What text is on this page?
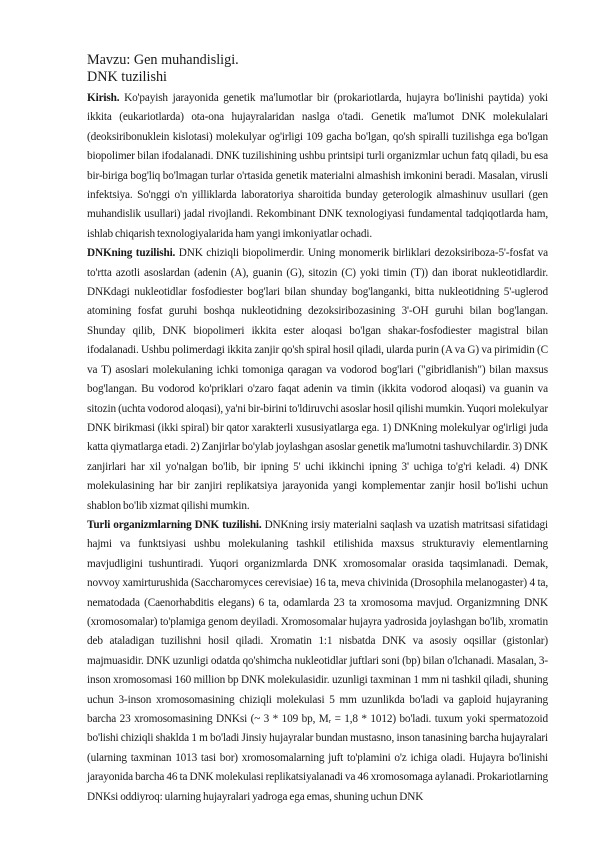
Mavzu: Gen muhandisligi.

DNK tuzilishi

Kirish. Ko'payish jarayonida genetik ma'lumotlar bir (prokariotlarda, hujayra bo'linishi paytida) yoki ikkita (eukariotlarda) ota-ona hujayralaridan naslga o'tadi. Genetik ma'lumot DNK molekulalari (deoksiribonuklein kislotasi) molekulyar og'irligi 109 gacha bo'lgan, qo'sh spiralli tuzilishga ega bo'lgan biopolimer bilan ifodalanadi. DNK tuzilishining ushbu printsipi turli organizmlar uchun fatq qiladi, bu esa bir-biriga bog'liq bo'lmagan turlar o'rtasida genetik materialni almashish imkonini beradi. Masalan, virusli infektsiya. So'nggi o'n yilliklarda laboratoriya sharoitida bunday geterologik almashinuv usullari (gen muhandislik usullari) jadal rivojlandi. Rekombinant DNK texnologiyasi fundamental tadqiqotlarda ham, ishlab chiqarish texnologiyalarida ham yangi imkoniyatlar ochadi.

DNKning tuzilishi. DNK chiziqli biopolimerdir. Uning monomerik birliklari dezoksiriboza-5'-fosfat va to'rtta azotli asoslardan (adenin (A), guanin (G), sitozin (C) yoki timin (T)) dan iborat nukleotidlardir. DNKdagi nukleotidlar fosfodiester bog'lari bilan shunday bog'langanki, bitta nukleotidning 5'-uglerod atomining fosfat guruhi boshqa nukleotidning dezoksiribozasining 3'-OH guruhi bilan bog'langan. Shunday qilib, DNK biopolimeri ikkita ester aloqasi bo'lgan shakar-fosfodiester magistral bilan ifodalanadi. Ushbu polimerdagi ikkita zanjir qo'sh spiral hosil qiladi, ularda purin (A va G) va pirimidin (C va T) asoslari molekulaning ichki tomoniga qaragan va vodorod bog'lari ("gibridlanish") bilan maxsus bog'langan. Bu vodorod ko'priklari o'zaro faqat adenin va timin (ikkita vodorod aloqasi) va guanin va sitozin (uchta vodorod aloqasi), ya'ni bir-birini to'ldiruvchi asoslar hosil qilishi mumkin. Yuqori molekulyar DNK birikmasi (ikki spiral) bir qator xarakterli xususiyatlarga ega. 1) DNKning molekulyar og'irligi juda katta qiymatlarga etadi. 2) Zanjirlar bo'ylab joylashgan asoslar genetik ma'lumotni tashuvchilardir. 3) DNK zanjirlari har xil yo'nalgan bo'lib, bir ipning 5' uchi ikkinchi ipning 3' uchiga to'g'ri keladi. 4) DNK molekulasining har bir zanjiri replikatsiya jarayonida yangi komplementar zanjir hosil bo'lishi uchun shablon bo'lib xizmat qilishi mumkin.

Turli organizmlarning DNK tuzilishi. DNKning irsiy materialni saqlash va uzatish matritsasi sifatidagi hajmi va funktsiyasi ushbu molekulaning tashkil etilishida maxsus strukturaviy elementlarning mavjudligini tushuntiradi. Yuqori organizmlarda DNK xromosomalar orasida taqsimlanadi. Demak, novvoy xamirturushida (Saccharomyces cerevisiae) 16 ta, meva chivinida (Drosophila melanogaster) 4 ta, nematodada (Caenorhabditis elegans) 6 ta, odamlarda 23 ta xromosoma mavjud. Organizmning DNK (xromosomalar) to'plamiga genom deyiladi. Xromosomalar hujayra yadrosida joylashgan bo'lib, xromatin deb ataladigan tuzilishni hosil qiladi. Xromatin 1:1 nisbatda DNK va asosiy oqsillar (gistonlar) majmuasidir. DNK uzunligi odatda qo'shimcha nukleotidlar juftlari soni (bp) bilan o'lchanadi. Masalan, 3-inson xromosomasi 160 million bp DNK molekulasidir. uzunligi taxminan 1 mm ni tashkil qiladi, shuning uchun 3-inson xromosomasining chiziqli molekulasi 5 mm uzunlikda bo'ladi va gaploid hujayraning barcha 23 xromosomasining DNKsi (~ 3 * 109 bp, Mᵣ = 1,8 * 1012) bo'ladi. tuxum yoki spermatozoid bo'lishi chiziqli shaklda 1 m bo'ladi Jinsiy hujayralar bundan mustasno, inson tanasining barcha hujayralari (ularning taxminan 1013 tasi bor) xromosomalarning juft to'plamini o'z ichiga oladi. Hujayra bo'linishi jarayonida barcha 46 ta DNK molekulasi replikatsiyalanadi va 46 xromosomaga aylanadi. Prokariotlarning DNKsi oddiyroq: ularning hujayralari yadroga ega emas, shuning uchun DNK
